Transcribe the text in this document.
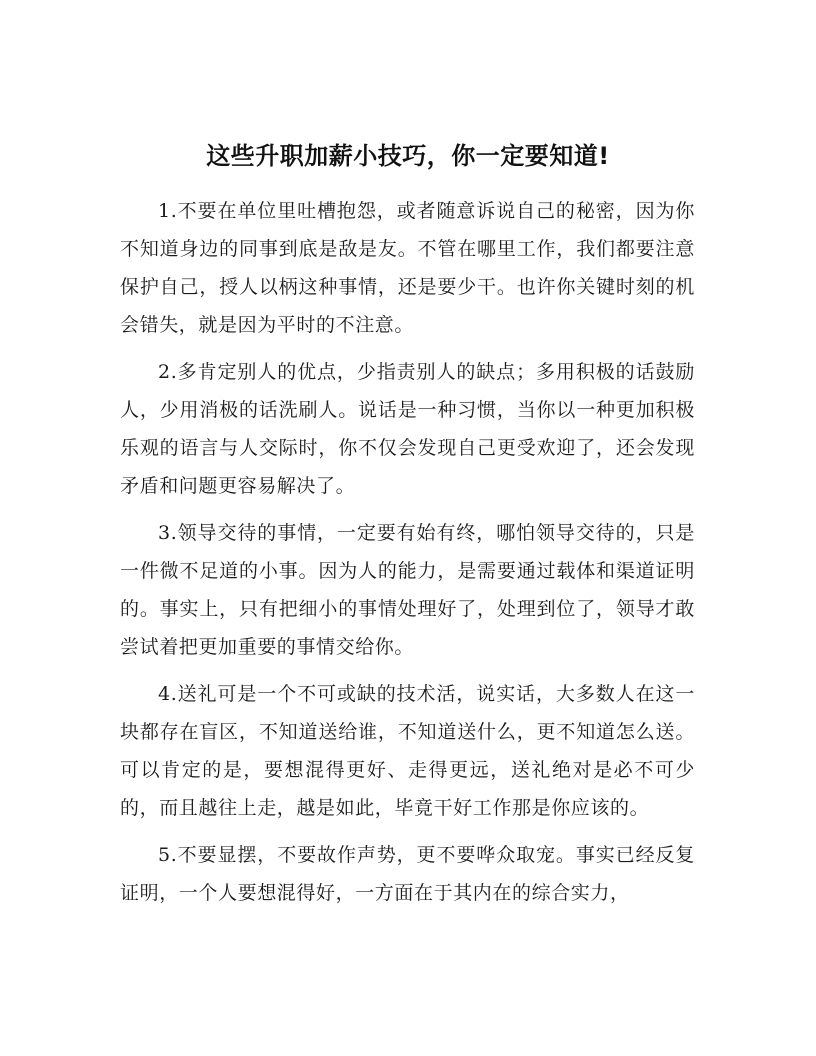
这些升职加薪小技巧，你一定要知道!

1.不要在单位里吐槽抱怨，或者随意诉说自己的秘密，因为你不知道身边的同事到底是敌是友。不管在哪里工作，我们都要注意保护自己，授人以柄这种事情，还是要少干。也许你关键时刻的机会错失，就是因为平时的不注意。

2.多肯定别人的优点，少指责别人的缺点；多用积极的话鼓励人，少用消极的话洗刷人。说话是一种习惯，当你以一种更加积极乐观的语言与人交际时，你不仅会发现自己更受欢迎了，还会发现矛盾和问题更容易解决了。

3.领导交待的事情，一定要有始有终，哪怕领导交待的，只是一件微不足道的小事。因为人的能力，是需要通过载体和渠道证明的。事实上，只有把细小的事情处理好了，处理到位了，领导才敢尝试着把更加重要的事情交给你。

4.送礼可是一个不可或缺的技术活，说实话，大多数人在这一块都存在盲区，不知道送给谁，不知道送什么，更不知道怎么送。可以肯定的是，要想混得更好、走得更远，送礼绝对是必不可少的，而且越往上走，越是如此，毕竟干好工作那是你应该的。

5.不要显摆，不要故作声势，更不要哗众取宠。事实已经反复证明，一个人要想混得好，一方面在于其内在的综合实力，
